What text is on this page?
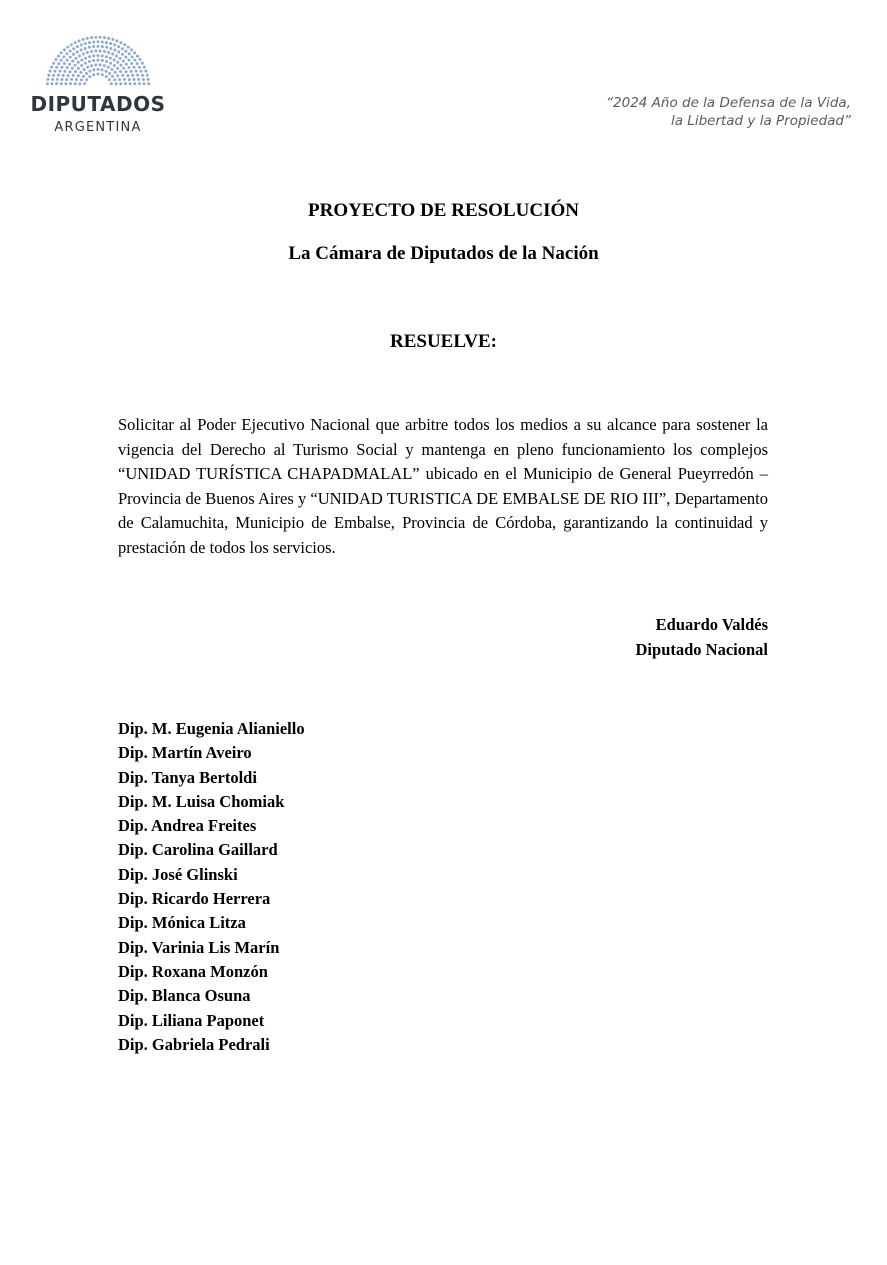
DIPUTADOS
ARGENTINA
“2024 Año de la Defensa de la Vida,
la Libertad y la Propiedad”
PROYECTO DE RESOLUCIÓN
La Cámara de Diputados de la Nación
RESUELVE:
Solicitar al Poder Ejecutivo Nacional que arbitre todos los medios a su alcance para sostener la vigencia del Derecho al Turismo Social y mantenga en pleno funcionamiento los complejos “UNIDAD TURÍSTICA CHAPADMALAL” ubicado en el Municipio de General Pueyrredón – Provincia de Buenos Aires y “UNIDAD TURISTICA DE EMBALSE DE RIO III”, Departamento de Calamuchita, Municipio de Embalse, Provincia de Córdoba, garantizando la continuidad y prestación de todos los servicios.
Eduardo Valdés
Diputado Nacional
Dip. M. Eugenia Alianiello
Dip. Martín Aveiro
Dip. Tanya Bertoldi
Dip. M. Luisa Chomiak
Dip. Andrea Freites
Dip. Carolina Gaillard
Dip. José Glinski
Dip. Ricardo Herrera
Dip. Mónica Litza
Dip. Varinia Lis Marín
Dip. Roxana Monzón
Dip. Blanca Osuna
Dip. Liliana Paponet
Dip. Gabriela Pedrali
